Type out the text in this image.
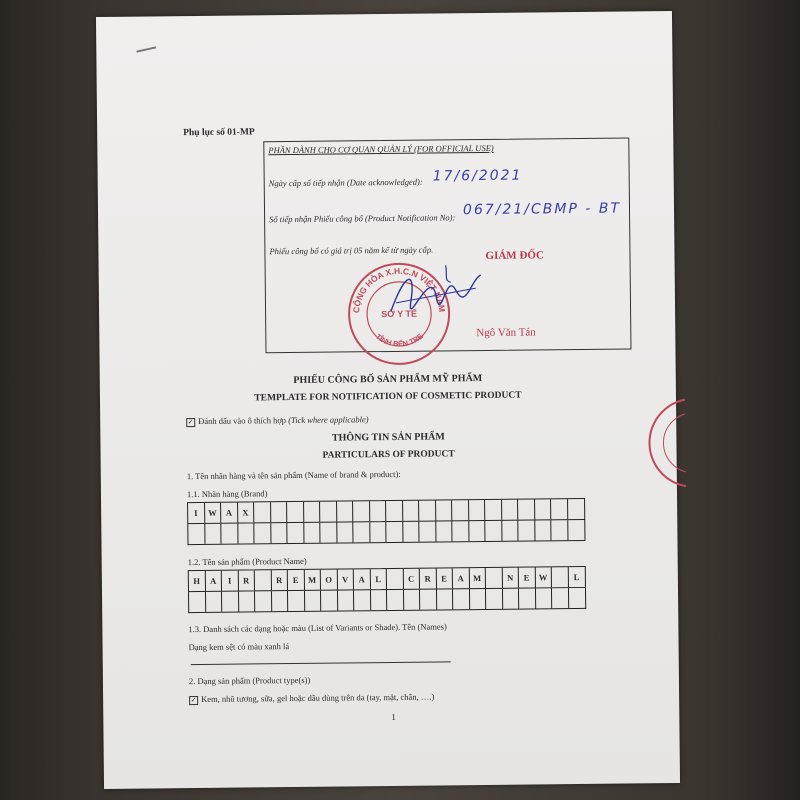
Phụ lục số 01-MP
PHẦN DÀNH CHO CƠ QUAN QUẢN LÝ (FOR OFFICIAL USE)
Ngày cấp số tiếp nhận (Date acknowledged): 17/6/2021
Số tiếp nhận Phiếu công bố (Product Notification No):
067/21/CBMP - BT
Phiếu công bố có giá trị 05 năm kể từ ngày cấp.
CỘNG HÒA X.H.C.N VIỆT NAM
SỞ Y TẾ
TỈNH BẾN TRE
GIÁM ĐỐC
Ngô Văn Tán
PHIẾU CÔNG BỐ SẢN PHẨM MỸ PHẨM
TEMPLATE FOR NOTIFICATION OF COSMETIC PRODUCT
✓ Đánh dấu vào ô thích hợp (Tick where applicable)
THÔNG TIN SẢN PHẨM
PARTICULARS OF PRODUCT
1. Tên nhãn hàng và tên sản phẩm (Name of brand & product):
1.1. Nhãn hàng (Brand)
I	W	A	X
1.2. Tên sản phẩm (Product Name)
H	A	I	R	R	E	M	O	V	A	L	C	R	E	A	M	N	E	W	L
1.3. Danh sách các dạng hoặc màu (List of Variants or Shade). Tên (Names)
Dạng kem sệt có màu xanh lá
2. Dạng sản phẩm (Product type(s))
✓ Kem, nhũ tương, sữa, gel hoặc dầu dùng trên da (tay, mặt, chân, ….)
1
